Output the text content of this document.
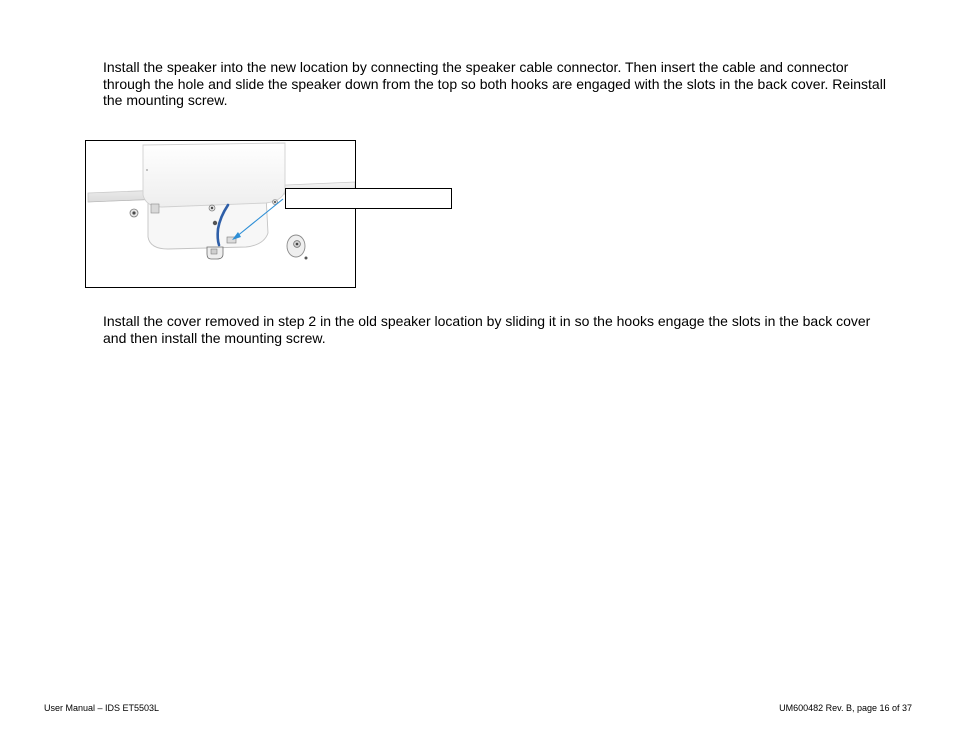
Install the speaker into the new location by connecting the speaker cable connector. Then insert the cable and connector through the hole and slide the speaker down from the top so both hooks are engaged with the slots in the back cover. Reinstall the mounting screw.

Install the cover removed in step 2 in the old speaker location by sliding it in so the hooks engage the slots in the back cover and then install the mounting screw.

User Manual – IDS ET5503L	UM600482 Rev. B, page 16 of 37
